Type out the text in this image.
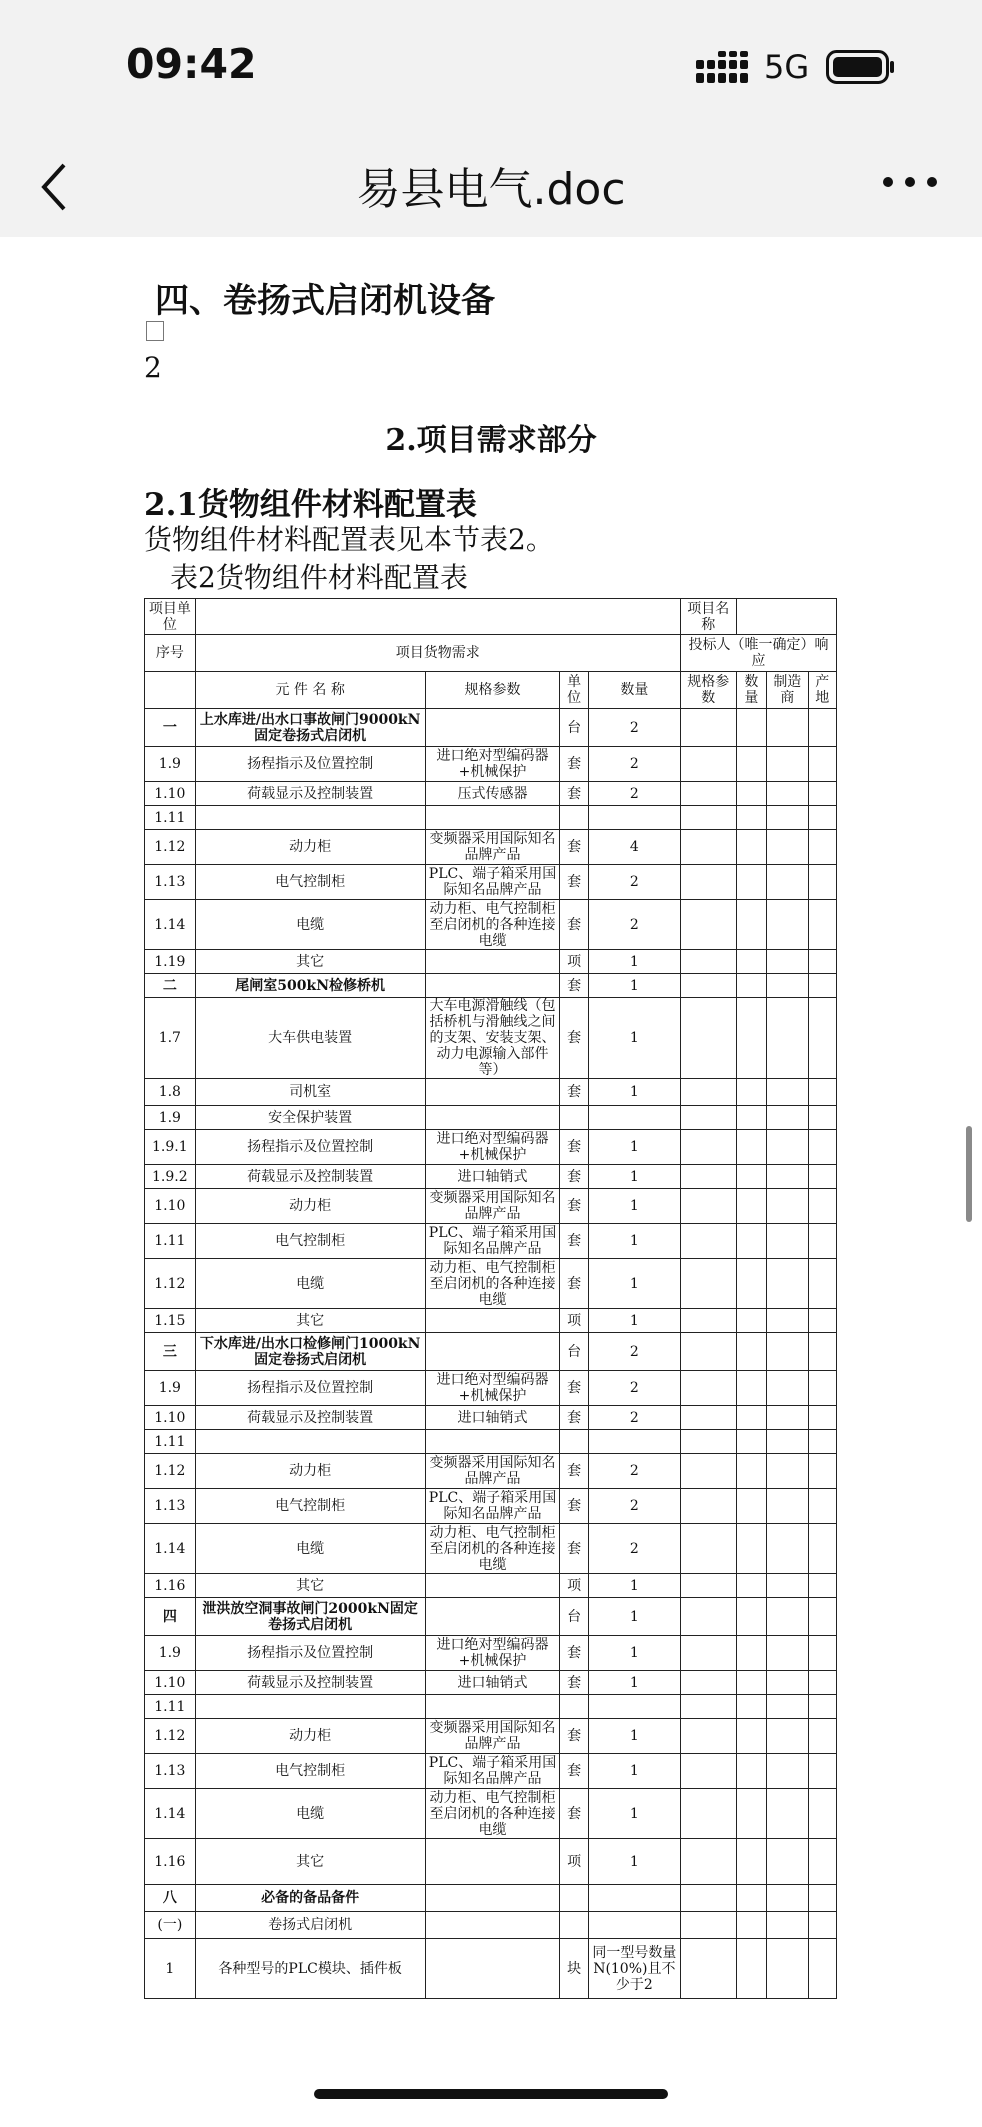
09:42	5G
易县电气.doc
四、卷扬式启闭机设备
2
2.项目需求部分
2.1货物组件材料配置表
货物组件材料配置表见本节表2。
表2货物组件材料配置表
项目单位					项目名称			
序号	项目货物需求				投标人（唯一确定）响应			
	元 件 名 称	规格参数	单位	数量	规格参数	数量	制造商	产地
一	上水库进/出水口事故闸门9000kN固定卷扬式启闭机		台	2				
1.9	扬程指示及位置控制	进口绝对型编码器+机械保护	套	2				
1.10	荷载显示及控制装置	压式传感器	套	2				
1.11								
1.12	动力柜	变频器采用国际知名品牌产品	套	4				
1.13	电气控制柜	PLC、端子箱采用国际知名品牌产品	套	2				
1.14	电缆	动力柜、电气控制柜至启闭机的各种连接电缆	套	2				
1.19	其它		项	1				
二	尾闸室500kN检修桥机		套	1				
1.7	大车供电装置	大车电源滑触线（包括桥机与滑触线之间的支架、安装支架、动力电源输入部件等）	套	1				
1.8	司机室		套	1				
1.9	安全保护装置							
1.9.1	扬程指示及位置控制	进口绝对型编码器+机械保护	套	1				
1.9.2	荷载显示及控制装置	进口轴销式	套	1				
1.10	动力柜	变频器采用国际知名品牌产品	套	1				
1.11	电气控制柜	PLC、端子箱采用国际知名品牌产品	套	1				
1.12	电缆	动力柜、电气控制柜至启闭机的各种连接电缆	套	1				
1.15	其它		项	1				
三	下水库进/出水口检修闸门1000kN固定卷扬式启闭机		台	2				
1.9	扬程指示及位置控制	进口绝对型编码器+机械保护	套	2				
1.10	荷载显示及控制装置	进口轴销式	套	2				
1.11								
1.12	动力柜	变频器采用国际知名品牌产品	套	2				
1.13	电气控制柜	PLC、端子箱采用国际知名品牌产品	套	2				
1.14	电缆	动力柜、电气控制柜至启闭机的各种连接电缆	套	2				
1.16	其它		项	1				
四	泄洪放空洞事故闸门2000kN固定卷扬式启闭机		台	1				
1.9	扬程指示及位置控制	进口绝对型编码器+机械保护	套	1				
1.10	荷载显示及控制装置	进口轴销式	套	1				
1.11								
1.12	动力柜	变频器采用国际知名品牌产品	套	1				
1.13	电气控制柜	PLC、端子箱采用国际知名品牌产品	套	1				
1.14	电缆	动力柜、电气控制柜至启闭机的各种连接电缆	套	1				
1.16	其它		项	1				
八	必备的备品备件							
(一)	卷扬式启闭机							
1	各种型号的PLC模块、插件板		块	同一型号数量 N(10%)且不少于2				
